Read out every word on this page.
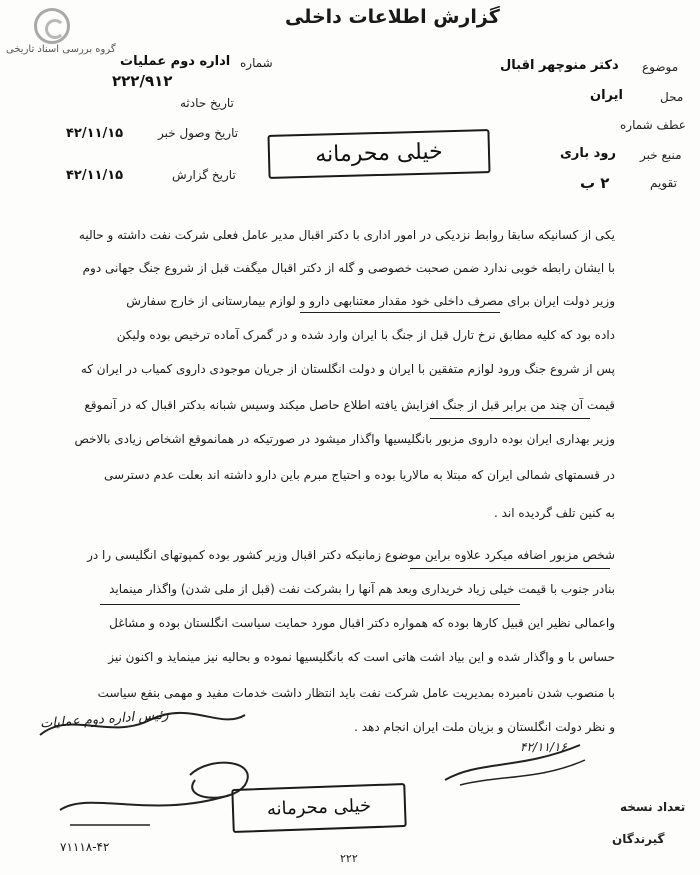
گروه بررسی اسناد تاریخی
گزارش اطلاعات داخلی
شماره
اداره دوم عملیات
۲۲۲/۹۱۲
تاریخ حادثه
تاریخ وصول خبر
۴۲/۱۱/۱۵
تاریخ گزارش
۴۲/۱۱/۱۵
موضوع
دکتر منوچهر اقبال
محل
ایران
عطف شماره
منبع خبر
رود باری
تقویم
۲ ب
خیلی محرمانه
یکی از کسانیکه سابقا روابط نزدیکی در امور اداری با دکتر اقبال مدیر عامل فعلی شرکت نفت داشته و حالیه
با ایشان رابطه خوبی ندارد ضمن صحبت خصوصی و گله از دکتر اقبال میگفت قبل از شروع جنگ جهانی دوم
وزیر دولت ایران برای مصرف داخلی خود مقدار معتنابهی دارو و لوازم بیمارستانی از خارج سفارش
داده بود که کلیه مطابق نرخ تارل قبل از جنگ با ایران وارد شده و در گمرک آماده ترخیص بوده ولیکن
پس از شروع جنگ ورود لوازم متفقین با ایران و دولت انگلستان از جریان موجودی داروی کمیاب در ایران که
قیمت آن چند من برابر قبل از جنگ افزایش یافته اطلاع حاصل میکند وسیس شبانه بدکتر اقبال که در آنموقع
وزیر بهداری ایران بوده داروی مزبور بانگلیسیها واگذار میشود در صورتیکه در همانموقع اشخاص زیادی بالاخص
در قسمتهای شمالی ایران که مبتلا به مالاریا بوده و احتیاج مبرم باین دارو داشته اند بعلت عدم دسترسی
به کنین تلف گردیده اند .
شخص مزبور اضافه میکرد علاوه براین موضوع زمانیکه دکتر اقبال وزیر کشور بوده کمپوتهای انگلیسی را در
بنادر جنوب با قیمت خیلی زیاد خریداری وبعد هم آنها را بشرکت نفت (قبل از ملی شدن) واگذار مینماید
واعمالی نظیر این قبیل کارها بوده که همواره دکتر اقبال مورد حمایت سیاست انگلستان بوده و مشاغل
حساس با و واگذار شده و این بیاد اشت هاتی است که بانگلیسیها نموده و بحالیه نیز مینماید و اکنون نیز
با منصوب شدن نامبرده بمدیریت عامل شرکت نفت باید انتظار داشت خدمات مفید و مهمی بنفع سیاست
و نظر دولت انگلستان و بزیان ملت ایران انجام دهد .
رئیس اداره دوم عملیات
۴۲/۱۱/۱۶
خیلی محرمانه	تعداد نسخه
گیرندگان
۷۱۱۱۸-۴۲
۲۲۲
